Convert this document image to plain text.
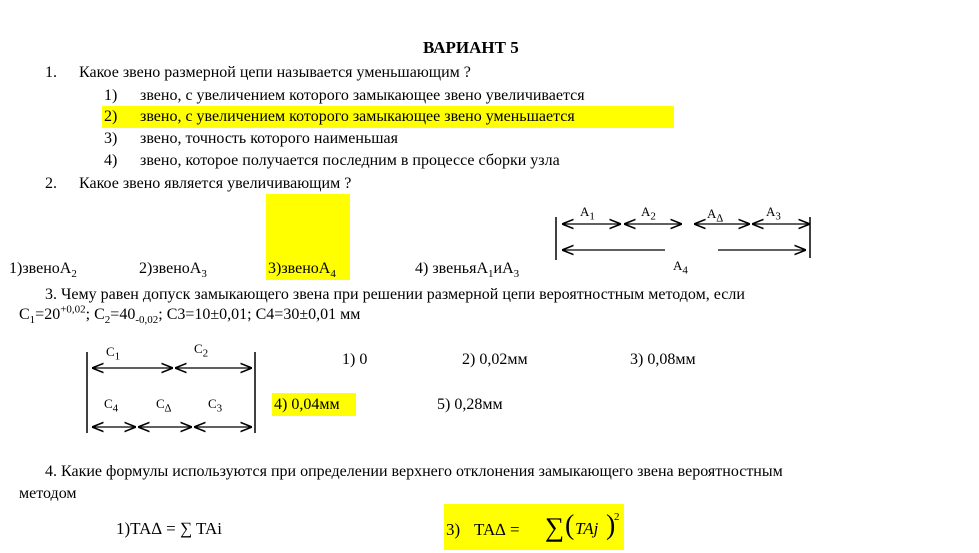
ВАРИАНТ 5
1. Какое звено размерной цепи называется уменьшающим ?
1) звено, с увеличением которого замыкающее звено увеличивается
2) звено, с увеличением которого замыкающее звено уменьшается
3) звено, точность которого наименьшая
4) звено, которое получается последним в процессе сборки узла
2. Какое звено является увеличивающим ?
1)звеноA$_2$	2)звеноA$_3$	3)звеноA$_4$	4) $звеньяA_1иA_3$
$A_1$	$A_2$	$A_\Delta$	$A_3$
$A_4$
3. Чему равен допуск замыкающего звена при решении размерной цепи вероятностным методом, если
$C_1=20^{+0,02}$; $C_2=40_{-0,02}$; C3=10±0,01; C4=30±0,01 мм
$C_1$
$C_2$
$C_4$	$C_\Delta$	$C_3$
1) 0	2) 0,02мм	3) 0,08мм
4) 0,04мм	5) 0,28мм
4. Какие формулы используются при определении верхнего отклонения замыкающего звена вероятностным
методом
1)TA∆ = ∑ TAi	3) TA∆ = ∑ ( TAj )
2
